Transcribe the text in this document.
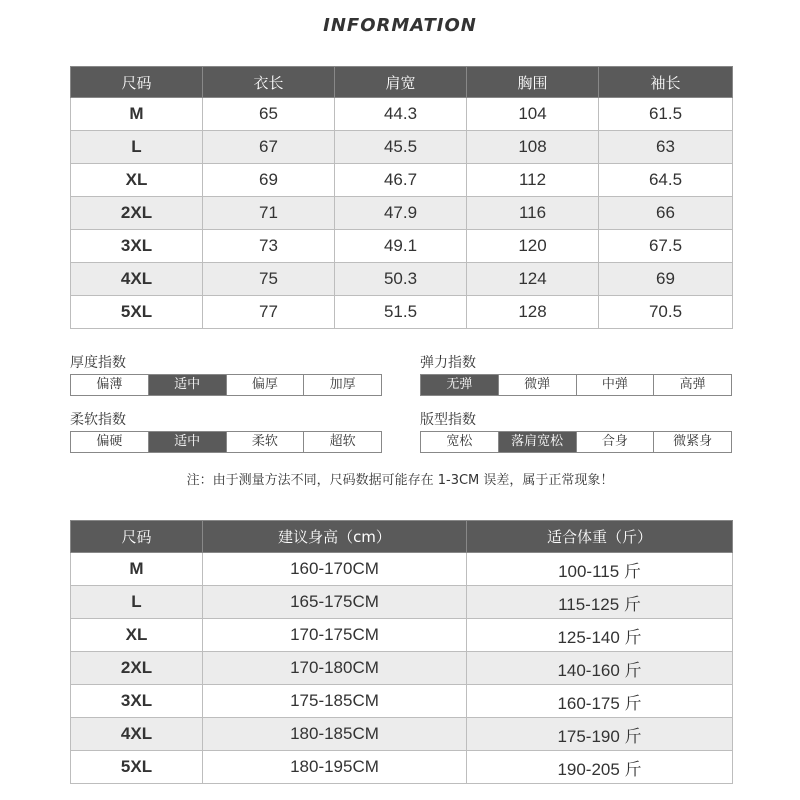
INFORMATION
尺码	衣长	肩宽	胸围	袖长
M	65	44.3	104	61.5
L	67	45.5	108	63
XL	69	46.7	112	64.5
2XL	71	47.9	116	66
3XL	73	49.1	120	67.5
4XL	75	50.3	124	69
5XL	77	51.5	128	70.5
厚度指数
偏薄	适中	偏厚	加厚
弹力指数
无弹	微弹	中弹	高弹
柔软指数
偏硬	适中	柔软	超软
版型指数
宽松	落肩宽松	合身	微紧身
注：由于测量方法不同，尺码数据可能存在 1-3CM 误差，属于正常现象！
尺码	建议身高（cm）	适合体重（斤）
M	160-170CM	100-115 斤
L	165-175CM	115-125 斤
XL	170-175CM	125-140 斤
2XL	170-180CM	140-160 斤
3XL	175-185CM	160-175 斤
4XL	180-185CM	175-190 斤
5XL	180-195CM	190-205 斤
